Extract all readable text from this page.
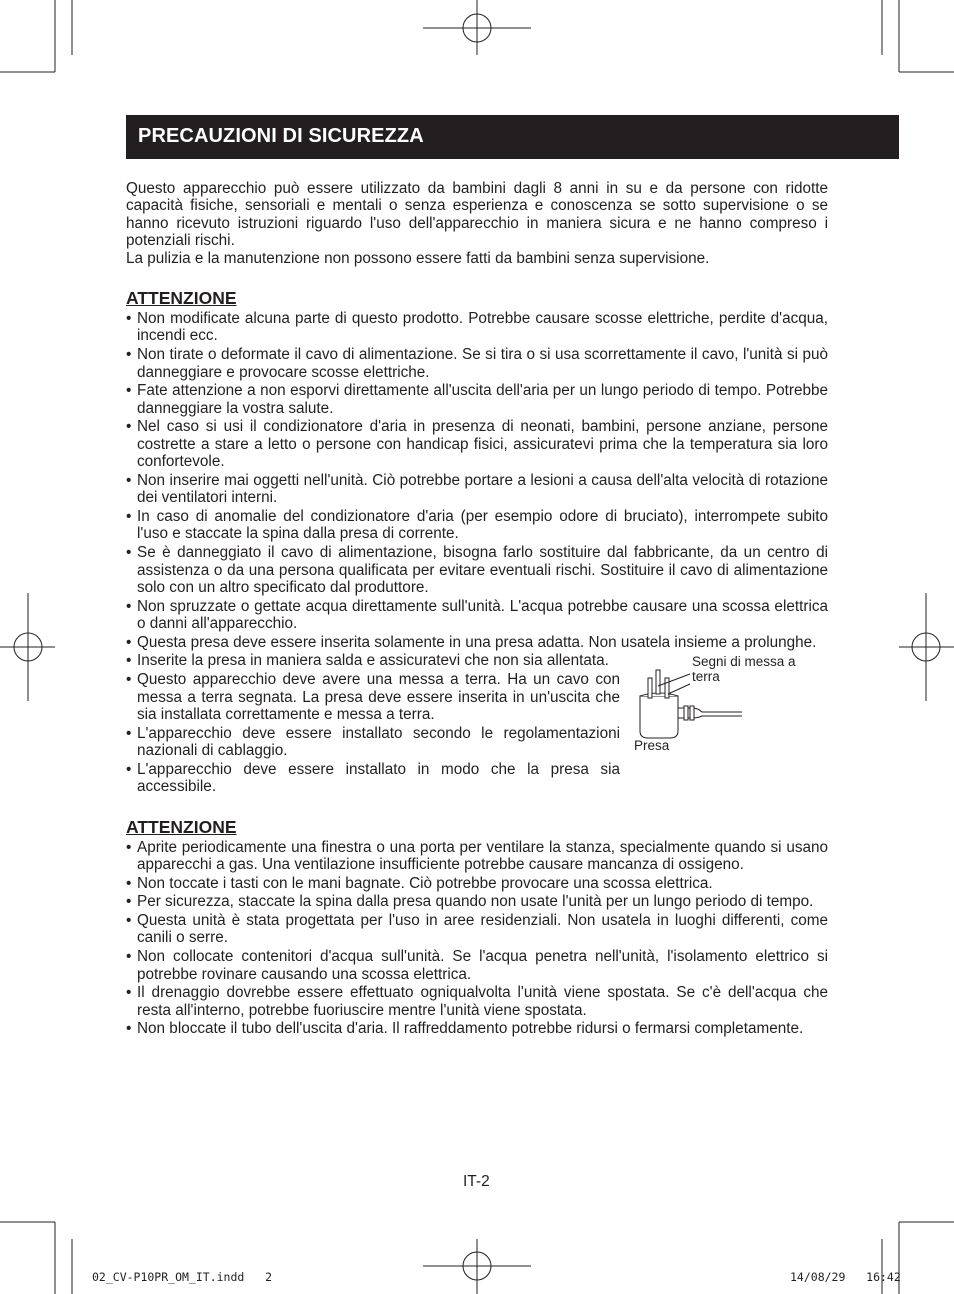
PRECAUZIONI DI SICUREZZA

Questo apparecchio può essere utilizzato da bambini dagli 8 anni in su e da persone con ridotte capacità fisiche, sensoriali e mentali o senza esperienza e conoscenza se sotto supervisione o se hanno ricevuto istruzioni riguardo l'uso dell'apparecchio in maniera sicura e ne hanno compreso i potenziali rischi.

La pulizia e la manutenzione non possono essere fatti da bambini senza supervisione.

ATTENZIONE
• Non modificate alcuna parte di questo prodotto. Potrebbe causare scosse elettriche, perdite d'acqua, incendi ecc.
• Non tirate o deformate il cavo di alimentazione. Se si tira o si usa scorrettamente il cavo, l'unità si può danneggiare e provocare scosse elettriche.
• Fate attenzione a non esporvi direttamente all'uscita dell'aria per un lungo periodo di tempo. Potrebbe danneggiare la vostra salute.
• Nel caso si usi il condizionatore d'aria in presenza di neonati, bambini, persone anziane, persone costrette a stare a letto o persone con handicap fisici, assicuratevi prima che la temperatura sia loro confortevole.
• Non inserire mai oggetti nell'unità. Ciò potrebbe portare a lesioni a causa dell'alta velocità di rotazione dei ventilatori interni.
• In caso di anomalie del condizionatore d'aria (per esempio odore di bruciato), interrompete subito l'uso e staccate la spina dalla presa di corrente.
• Se è danneggiato il cavo di alimentazione, bisogna farlo sostituire dal fabbricante, da un centro di assistenza o da una persona qualificata per evitare eventuali rischi. Sostituire il cavo di alimentazione solo con un altro specificato dal produttore.
• Non spruzzate o gettate acqua direttamente sull'unità. L'acqua potrebbe causare una scossa elettrica o danni all'apparecchio.
• Questa presa deve essere inserita solamente in una presa adatta. Non usatela insieme a prolunghe.
• Inserite la presa in maniera salda e assicuratevi che non sia allentata.
• Questo apparecchio deve avere una messa a terra. Ha un cavo con messa a terra segnata. La presa deve essere inserita in un'uscita che sia installata correttamente e messa a terra.
• L'apparecchio deve essere installato secondo le regolamentazioni nazionali di cablaggio.
• L'apparecchio deve essere installato in modo che la presa sia accessibile.
Segni di messa a terra
Presa
ATTENZIONE
• Aprite periodicamente una finestra o una porta per ventilare la stanza, specialmente quando si usano apparecchi a gas. Una ventilazione insufficiente potrebbe causare mancanza di ossigeno.
• Non toccate i tasti con le mani bagnate. Ciò potrebbe provocare una scossa elettrica.
• Per sicurezza, staccate la spina dalla presa quando non usate l'unità per un lungo periodo di tempo.
• Questa unità è stata progettata per l'uso in aree residenziali. Non usatela in luoghi differenti, come canili o serre.
• Non collocate contenitori d'acqua sull'unità. Se l'acqua penetra nell'unità, l'isolamento elettrico si potrebbe rovinare causando una scossa elettrica.
• Il drenaggio dovrebbe essere effettuato ogniqualvolta l'unità viene spostata. Se c'è dell'acqua che resta all'interno, potrebbe fuoriuscire mentre l'unità viene spostata.
• Non bloccate il tubo dell'uscita d'aria. Il raffreddamento potrebbe ridursi o fermarsi completamente.
IT-2
02_CV-P10PR_OM_IT.indd   2	14/08/29   16:42
